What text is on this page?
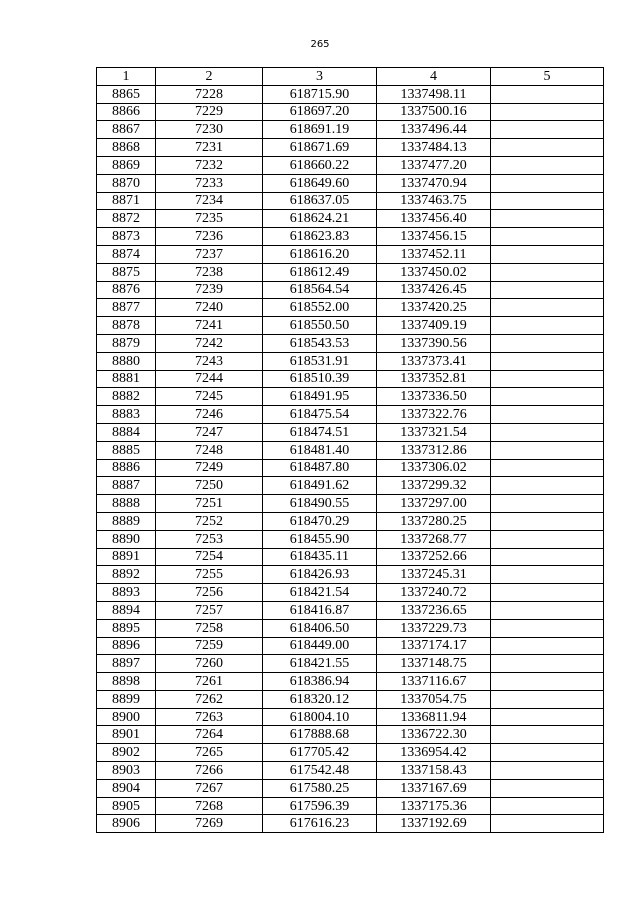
265
1	2	3	4	5
8865	7228	618715.90	1337498.11	
8866	7229	618697.20	1337500.16	
8867	7230	618691.19	1337496.44	
8868	7231	618671.69	1337484.13	
8869	7232	618660.22	1337477.20	
8870	7233	618649.60	1337470.94	
8871	7234	618637.05	1337463.75	
8872	7235	618624.21	1337456.40	
8873	7236	618623.83	1337456.15	
8874	7237	618616.20	1337452.11	
8875	7238	618612.49	1337450.02	
8876	7239	618564.54	1337426.45	
8877	7240	618552.00	1337420.25	
8878	7241	618550.50	1337409.19	
8879	7242	618543.53	1337390.56	
8880	7243	618531.91	1337373.41	
8881	7244	618510.39	1337352.81	
8882	7245	618491.95	1337336.50	
8883	7246	618475.54	1337322.76	
8884	7247	618474.51	1337321.54	
8885	7248	618481.40	1337312.86	
8886	7249	618487.80	1337306.02	
8887	7250	618491.62	1337299.32	
8888	7251	618490.55	1337297.00	
8889	7252	618470.29	1337280.25	
8890	7253	618455.90	1337268.77	
8891	7254	618435.11	1337252.66	
8892	7255	618426.93	1337245.31	
8893	7256	618421.54	1337240.72	
8894	7257	618416.87	1337236.65	
8895	7258	618406.50	1337229.73	
8896	7259	618449.00	1337174.17	
8897	7260	618421.55	1337148.75	
8898	7261	618386.94	1337116.67	
8899	7262	618320.12	1337054.75	
8900	7263	618004.10	1336811.94	
8901	7264	617888.68	1336722.30	
8902	7265	617705.42	1336954.42	
8903	7266	617542.48	1337158.43	
8904	7267	617580.25	1337167.69	
8905	7268	617596.39	1337175.36	
8906	7269	617616.23	1337192.69	
